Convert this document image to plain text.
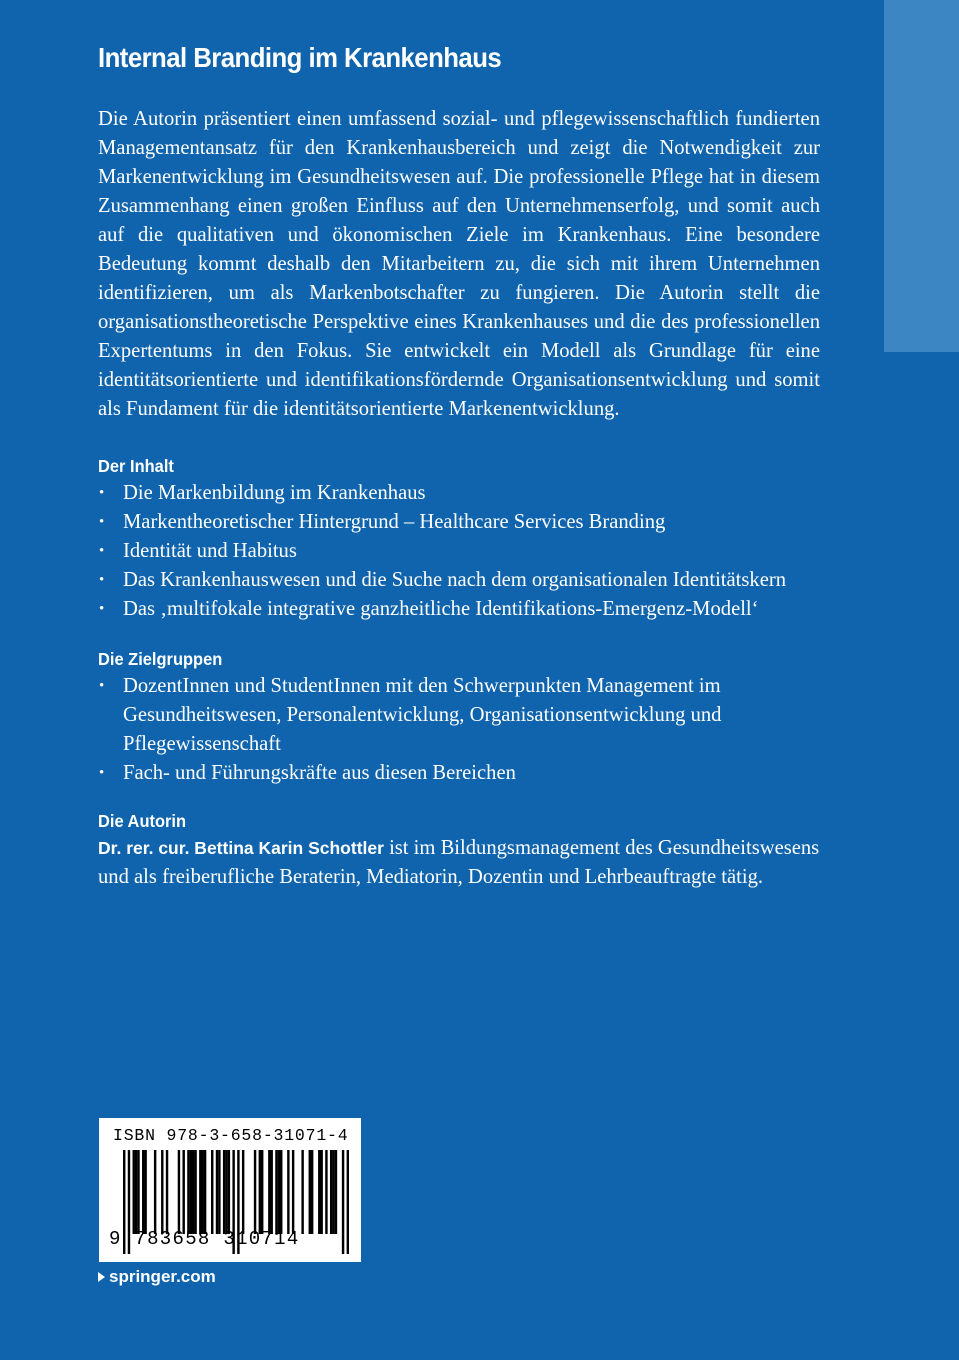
Internal Branding im Krankenhaus

Die Autorin präsentiert einen umfassend sozial- und pflegewissenschaftlich fundierten Managementansatz für den Krankenhausbereich und zeigt die Notwendigkeit zur Markenentwicklung im Gesundheitswesen auf. Die professionelle Pflege hat in diesem Zusammenhang einen großen Einfluss auf den Unternehmenserfolg, und somit auch auf die qualitativen und ökonomischen Ziele im Krankenhaus. Eine besondere Bedeutung kommt deshalb den Mitarbeitern zu, die sich mit ihrem Unternehmen identifizieren, um als Markenbotschafter zu fungieren. Die Autorin stellt die organisationstheoretische Perspektive eines Krankenhauses und die des professionellen Expertentums in den Fokus. Sie entwickelt ein Modell als Grundlage für eine identitätsorientierte und identifikationsfördernde Organisationsentwicklung und somit als Fundament für die identitätsorientierte Markenentwicklung.

Der Inhalt
• Die Markenbildung im Krankenhaus
• Markentheoretischer Hintergrund – Healthcare Services Branding
• Identität und Habitus
• Das Krankenhauswesen und die Suche nach dem organisationalen Identitätskern
• Das ‚multifokale integrative ganzheitliche Identifikations-Emergenz-Modell‘
Die Zielgruppen
• DozentInnen und StudentInnen mit den Schwerpunkten Management im Gesundheitswesen, Personalentwicklung, Organisationsentwicklung und Pflegewissenschaft
• Fach- und Führungskräfte aus diesen Bereichen
Die Autorin

Dr. rer. cur. Bettina Karin Schottler ist im Bildungsmanagement des Gesundheitswesens und als freiberufliche Beraterin, Mediatorin, Dozentin und Lehrbeauftragte tätig.

ISBN 978-3-658-31071-4
9 783658 310714
springer.com
